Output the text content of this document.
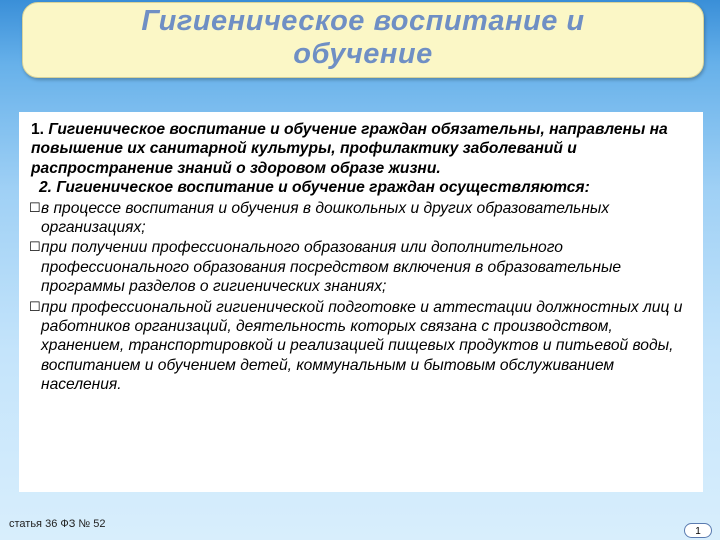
Гигиеническое воспитание и
обучение

1. Гигиеническое воспитание и обучение граждан обязательны, направлены на повышение их санитарной культуры, профилактику заболеваний и распространение знаний о здоровом образе жизни.

2. Гигиеническое воспитание и обучение граждан осуществляются:

☐в процессе воспитания и обучения в дошкольных и других образовательных организациях;

☐при получении профессионального образования или дополнительного профессионального образования посредством включения в образовательные программы разделов о гигиенических знаниях;

☐при профессиональной гигиенической подготовке и аттестации должностных лиц и работников организаций, деятельность которых связана с производством, хранением, транспортировкой и реализацией пищевых продуктов и питьевой воды, воспитанием и обучением детей, коммунальным и бытовым обслуживанием населения.

статья 36 ФЗ № 52
1
